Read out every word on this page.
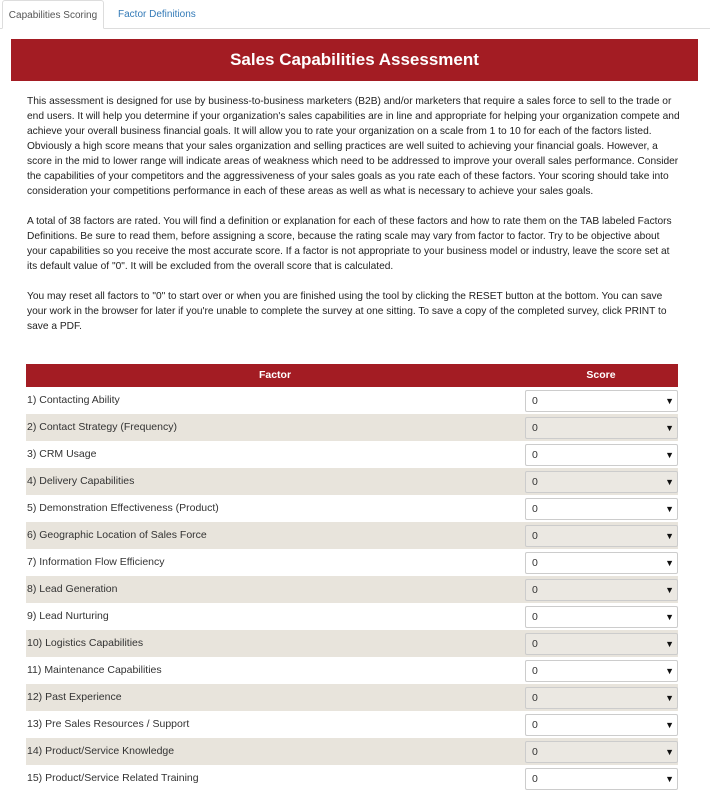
Capabilities Scoring	Factor Definitions
Sales Capabilities Assessment

This assessment is designed for use by business-to-business marketers (B2B) and/or marketers that require a sales force to sell to the trade or end users. It will help you determine if your organization's sales capabilities are in line and appropriate for helping your organization compete and achieve your overall business financial goals. It will allow you to rate your organization on a scale from 1 to 10 for each of the factors listed. Obviously a high score means that your sales organization and selling practices are well suited to achieving your financial goals. However, a score in the mid to lower range will indicate areas of weakness which need to be addressed to improve your overall sales performance. Consider the capabilities of your competitors and the aggressiveness of your sales goals as you rate each of these factors. Your scoring should take into consideration your competitions performance in each of these areas as well as what is necessary to achieve your sales goals.

A total of 38 factors are rated. You will find a definition or explanation for each of these factors and how to rate them on the TAB labeled Factors Definitions. Be sure to read them, before assigning a score, because the rating scale may vary from factor to factor. Try to be objective about your capabilities so you receive the most accurate score. If a factor is not appropriate to your business model or industry, leave the score set at its default value of "0". It will be excluded from the overall score that is calculated.

You may reset all factors to "0" to start over or when you are finished using the tool by clicking the RESET button at the bottom. You can save your work in the browser for later if you're unable to complete the survey at one sitting. To save a copy of the completed survey, click PRINT to save a PDF.

Factor	Score
1) Contacting Ability	0	▼
2) Contact Strategy (Frequency)	0	▼
3) CRM Usage	0	▼
4) Delivery Capabilities	0	▼
5) Demonstration Effectiveness (Product)	0	▼
6) Geographic Location of Sales Force	0	▼
7) Information Flow Efficiency	0	▼
8) Lead Generation	0	▼
9) Lead Nurturing	0	▼
10) Logistics Capabilities	0	▼
11) Maintenance Capabilities	0	▼
12) Past Experience	0	▼
13) Pre Sales Resources / Support	0	▼
14) Product/Service Knowledge	0	▼
15) Product/Service Related Training	0	▼
